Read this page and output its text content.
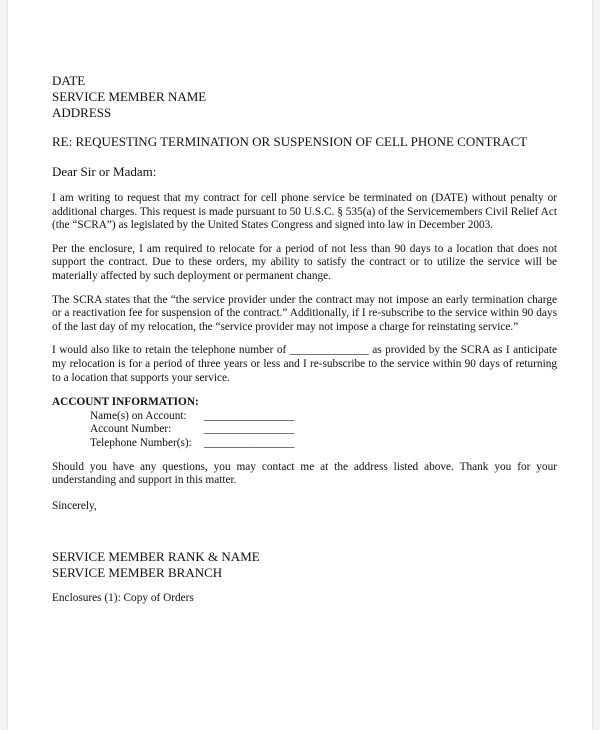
DATE

SERVICE MEMBER NAME

ADDRESS

RE: REQUESTING TERMINATION OR SUSPENSION OF CELL PHONE CONTRACT

Dear Sir or Madam:

I am writing to request that my contract for cell phone service be terminated on (DATE) without penalty or additional charges. This request is made pursuant to 50 U.S.C. § 535(a) of the Servicemembers Civil Relief Act (the “SCRA”) as legislated by the United States Congress and signed into law in December 2003.

Per the enclosure, I am required to relocate for a period of not less than 90 days to a location that does not support the contract. Due to these orders, my ability to satisfy the contract or to utilize the service will be materially affected by such deployment or permanent change.

The SCRA states that the “the service provider under the contract may not impose an early termination charge or a reactivation fee for suspension of the contract.” Additionally, if I re-subscribe to the service within 90 days of the last day of my relocation, the “service provider may not impose a charge for reinstating service.”

I would also like to retain the telephone number of ______________ as provided by the SCRA as I anticipate my relocation is for a period of three years or less and I re-subscribe to the service within 90 days of returning to a location that supports your service.

ACCOUNT INFORMATION:

Name(s) on Account:	________________
Account Number:	________________
Telephone Number(s):	________________

Should you have any questions, you may contact me at the address listed above. Thank you for your understanding and support in this matter.

Sincerely,

SERVICE MEMBER RANK & NAME

SERVICE MEMBER BRANCH

Enclosures (1): Copy of Orders
